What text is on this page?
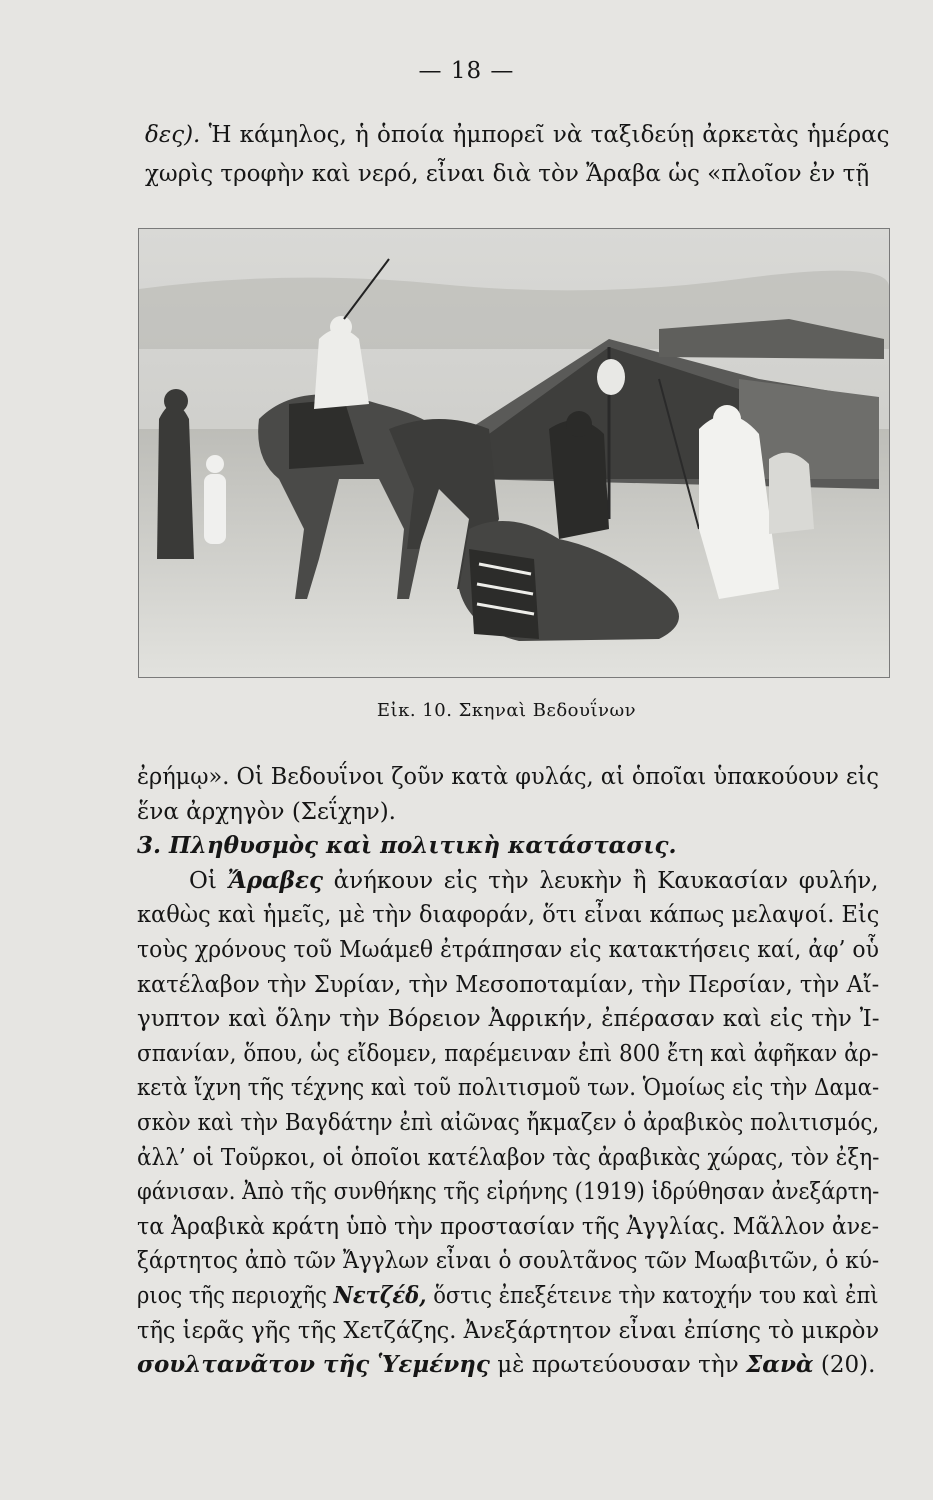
— 18 —
δες). Ἡ κάμηλος, ἡ ὁποία ἠμπορεῖ νὰ ταξιδεύῃ ἀρκετὰς ἡμέρας
χωρὶς τροφὴν καὶ νερό, εἶναι διὰ τὸν Ἄραβα ὡς «πλοῖον ἐν τῇ
Εἰκ. 10. Σκηναὶ Βεδουΐνων
ἐρήμῳ». Οἱ Βεδουΐνοι ζοῦν κατὰ φυλάς, αἱ ὁποῖαι ὑπακούουν εἰς
ἕνα ἀρχηγὸν (Σεΐχην).
3. Πληθυσμὸς καὶ πολιτικὴ κατάστασις.
Οἱ Ἄραβες ἀνήκουν εἰς τὴν λευκὴν ἢ Καυκασίαν φυλήν,
καθὼς καὶ ἡμεῖς, μὲ τὴν διαφοράν, ὅτι εἶναι κάπως μελαψοί. Εἰς
τοὺς χρόνους τοῦ Μωάμεθ ἐτράπησαν εἰς κατακτήσεις καί, ἀφ’ οὗ
κατέλαβον τὴν Συρίαν, τὴν Μεσοποταμίαν, τὴν Περσίαν, τὴν Αἴ-
γυπτον καὶ ὅλην τὴν Βόρειον Ἀφρικήν, ἐπέρασαν καὶ εἰς τὴν Ἰ-
σπανίαν, ὅπου, ὡς εἴδομεν, παρέμειναν ἐπὶ 800 ἔτη καὶ ἀφῆκαν ἀρ-
κετὰ ἴχνη τῆς τέχνης καὶ τοῦ πολιτισμοῦ των. Ὁμοίως εἰς τὴν Δαμα-
σκὸν καὶ τὴν Βαγδάτην ἐπὶ αἰῶνας ἤκμαζεν ὁ ἀραβικὸς πολιτισμός,
ἀλλ’ οἱ Τοῦρκοι, οἱ ὁποῖοι κατέλαβον τὰς ἀραβικὰς χώρας, τὸν ἐξη-
φάνισαν. Ἀπὸ τῆς συνθήκης τῆς εἰρήνης (1919) ἱδρύθησαν ἀνεξάρτη-
τα Ἀραβικὰ κράτη ὑπὸ τὴν προστασίαν τῆς Ἀγγλίας. Μᾶλλον ἀνε-
ξάρτητος ἀπὸ τῶν Ἄγγλων εἶναι ὁ σουλτᾶνος τῶν Μωαβιτῶν, ὁ κύ-
ριος τῆς περιοχῆς Νετζέδ, ὅστις ἐπεξέτεινε τὴν κατοχήν του καὶ ἐπὶ
τῆς ἱερᾶς γῆς τῆς Χετζάζης. Ἀνεξάρτητον εἶναι ἐπίσης τὸ μικρὸν
σουλτανᾶτον τῆς Ὑεμένης μὲ πρωτεύουσαν τὴν Σανὰ (20).
